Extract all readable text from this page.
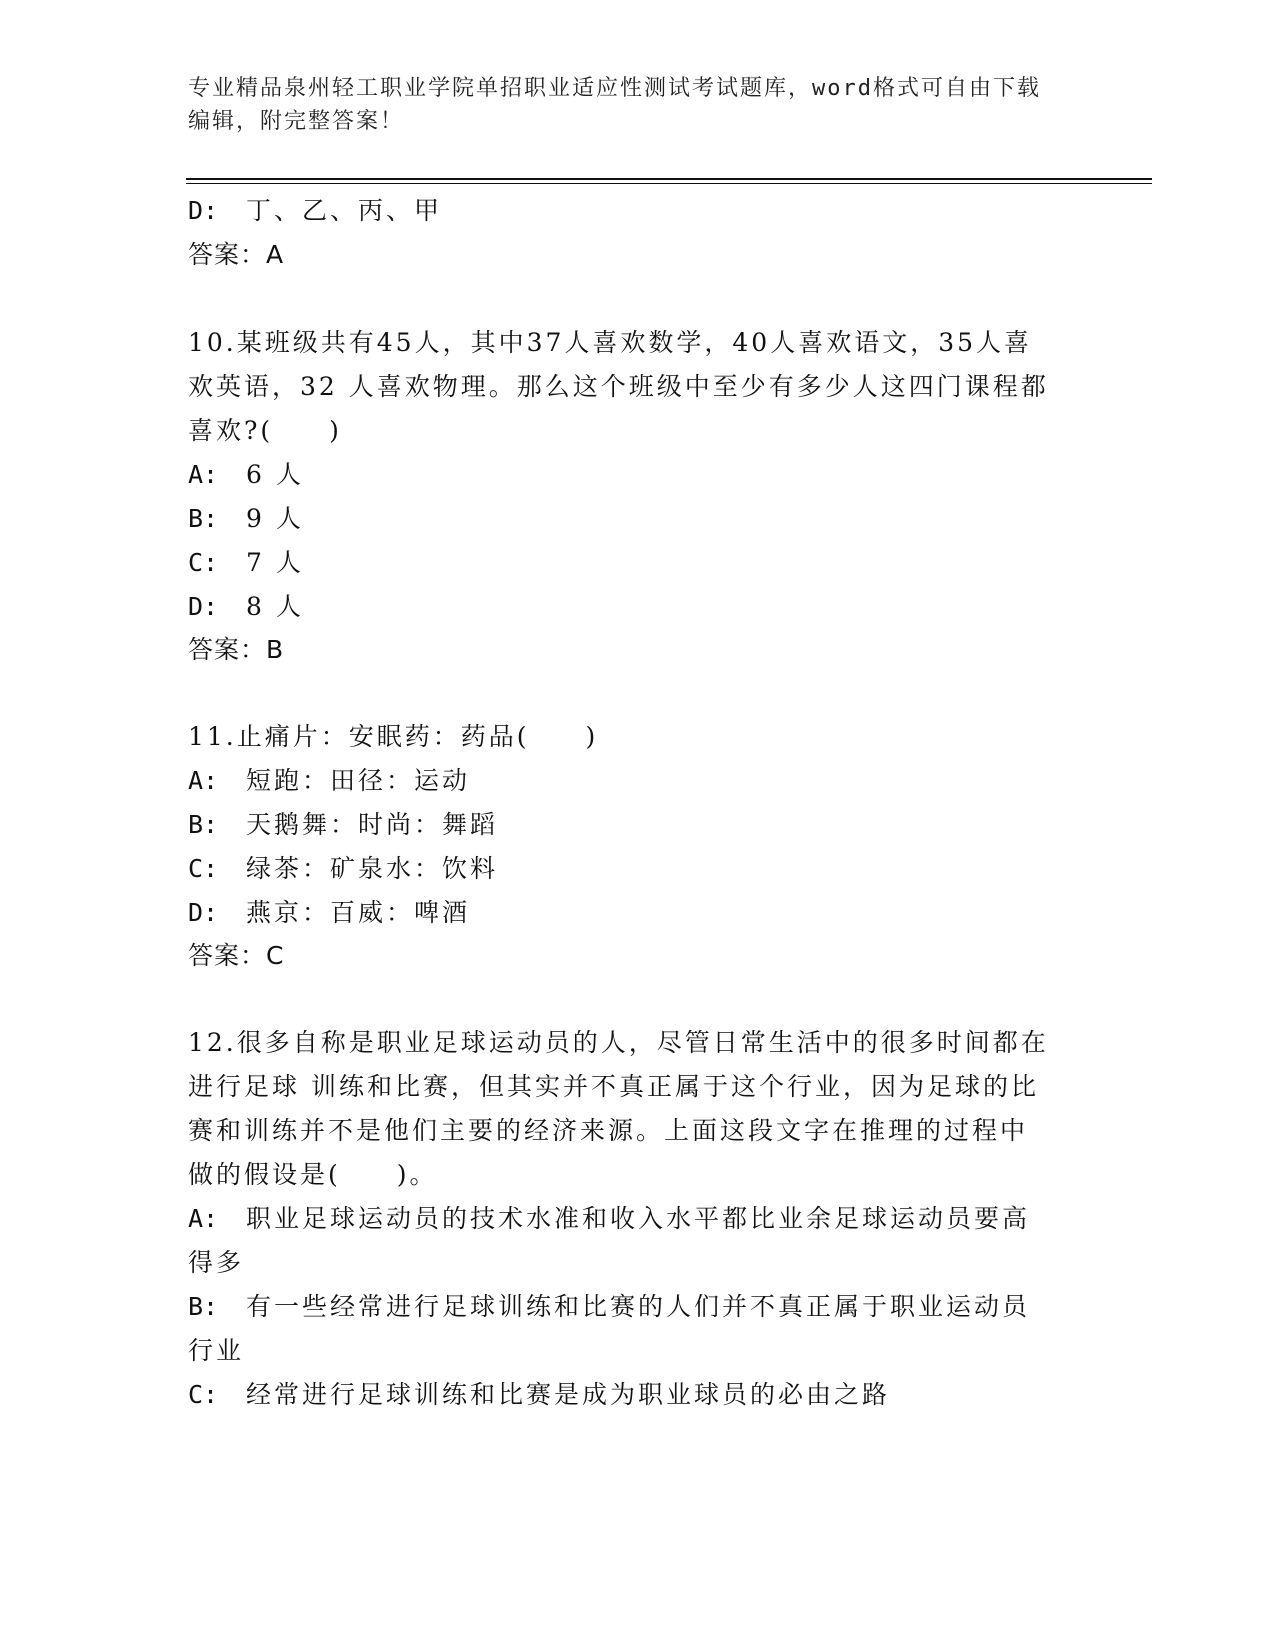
专业精品泉州轻工职业学院单招职业适应性测试考试题库，word格式可自由下载
编辑，附完整答案！
D: 丁、乙、丙、甲
答案：A
10.某班级共有45人，其中37人喜欢数学，40人喜欢语文，35人喜
欢英语，32 人喜欢物理。那么这个班级中至少有多少人这四门课程都
喜欢?(　　)
A: 6 人
B: 9 人
C: 7 人
D: 8 人
答案：B
11.止痛片：安眠药：药品(　　)
A: 短跑：田径：运动
B: 天鹅舞：时尚：舞蹈
C: 绿茶：矿泉水：饮料
D: 燕京：百威：啤酒
答案：C
12.很多自称是职业足球运动员的人，尽管日常生活中的很多时间都在
进行足球 训练和比赛，但其实并不真正属于这个行业，因为足球的比
赛和训练并不是他们主要的经济来源。上面这段文字在推理的过程中
做的假设是(　　)。
A: 职业足球运动员的技术水准和收入水平都比业余足球运动员要高
得多
B: 有一些经常进行足球训练和比赛的人们并不真正属于职业运动员
行业
C: 经常进行足球训练和比赛是成为职业球员的必由之路
